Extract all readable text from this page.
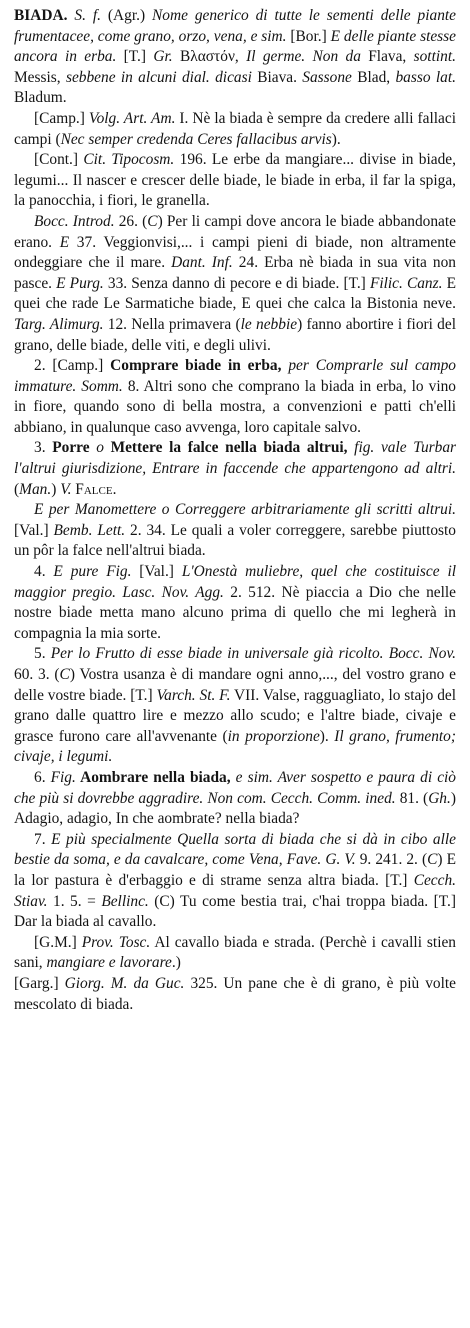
BIADA. S. f. (Agr.) Nome generico di tutte le sementi delle piante frumentacee, come grano, orzo, vena, e sim. [Bor.] E delle piante stesse ancora in erba. [T.] Gr. Βλαστόν, Il germe. Non da Flava, sottint. Messis, sebbene in alcuni dial. dicasi Biava. Sassone Blad, basso lat. Bladum.

[Camp.] Volg. Art. Am. I. Nè la biada è sempre da credere alli fallaci campi (Nec semper credenda Ceres fallacibus arvis).

[Cont.] Cit. Tipocosm. 196. Le erbe da mangiare... divise in biade, legumi... Il nascer e crescer delle biade, le biade in erba, il far la spiga, la panocchia, i fiori, le granella.

Bocc. Introd. 26. (C) Per li campi dove ancora le biade abbandonate erano. E 37. Veggionvisi,... i campi pieni di biade, non altramente ondeggiare che il mare. Dant. Inf. 24. Erba nè biada in sua vita non pasce. E Purg. 33. Senza danno di pecore e di biade. [T.] Filic. Canz. E quei che rade Le Sarmatiche biade, E quei che calca la Bistonia neve. Targ. Alimurg. 12. Nella primavera (le nebbie) fanno abortire i fiori del grano, delle biade, delle viti, e degli ulivi.

2. [Camp.] Comprare biade in erba, per Comprarle sul campo immature. Somm. 8. Altri sono che comprano la biada in erba, lo vino in fiore, quando sono di bella mostra, a convenzioni e patti ch'elli abbiano, in qualunque caso avvenga, loro capitale salvo.

3. Porre o Mettere la falce nella biada altrui, fig. vale Turbar l'altrui giurisdizione, Entrare in faccende che appartengono ad altri. (Man.) V. Falce.

E per Manomettere o Correggere arbitrariamente gli scritti altrui. [Val.] Bemb. Lett. 2. 34. Le quali a voler correggere, sarebbe piuttosto un pôr la falce nell'altrui biada.

4. E pure Fig. [Val.] L'Onestà muliebre, quel che costituisce il maggior pregio. Lasc. Nov. Agg. 2. 512. Nè piaccia a Dio che nelle nostre biade metta mano alcuno prima di quello che mi legherà in compagnia la mia sorte.

5. Per lo Frutto di esse biade in universale già ricolto. Bocc. Nov. 60. 3. (C) Vostra usanza è di mandare ogni anno,..., del vostro grano e delle vostre biade. [T.] Varch. St. F. VII. Valse, ragguagliato, lo stajo del grano dalle quattro lire e mezzo allo scudo; e l'altre biade, civaje e grasce furono care all'avvenante (in proporzione). Il grano, frumento; civaje, i legumi.

6. Fig. Aombrare nella biada, e sim. Aver sospetto e paura di ciò che più si dovrebbe aggradire. Non com. Cecch. Comm. ined. 81. (Gh.) Adagio, adagio, In che aombrate? nella biada?

7. E più specialmente Quella sorta di biada che si dà in cibo alle bestie da soma, e da cavalcare, come Vena, Fave. G. V. 9. 241. 2. (C) E la lor pastura è d'erbaggio e di strame senza altra biada. [T.] Cecch. Stiav. 1. 5. = Bellinc. (C) Tu come bestia trai, c'hai troppa biada. [T.] Dar la biada al cavallo.

[G.M.] Prov. Tosc. Al cavallo biada e strada. (Perchè i cavalli stien sani, mangiare e lavorare.)

[Garg.] Giorg. M. da Guc. 325. Un pane che è di grano, è più volte mescolato di biada.
